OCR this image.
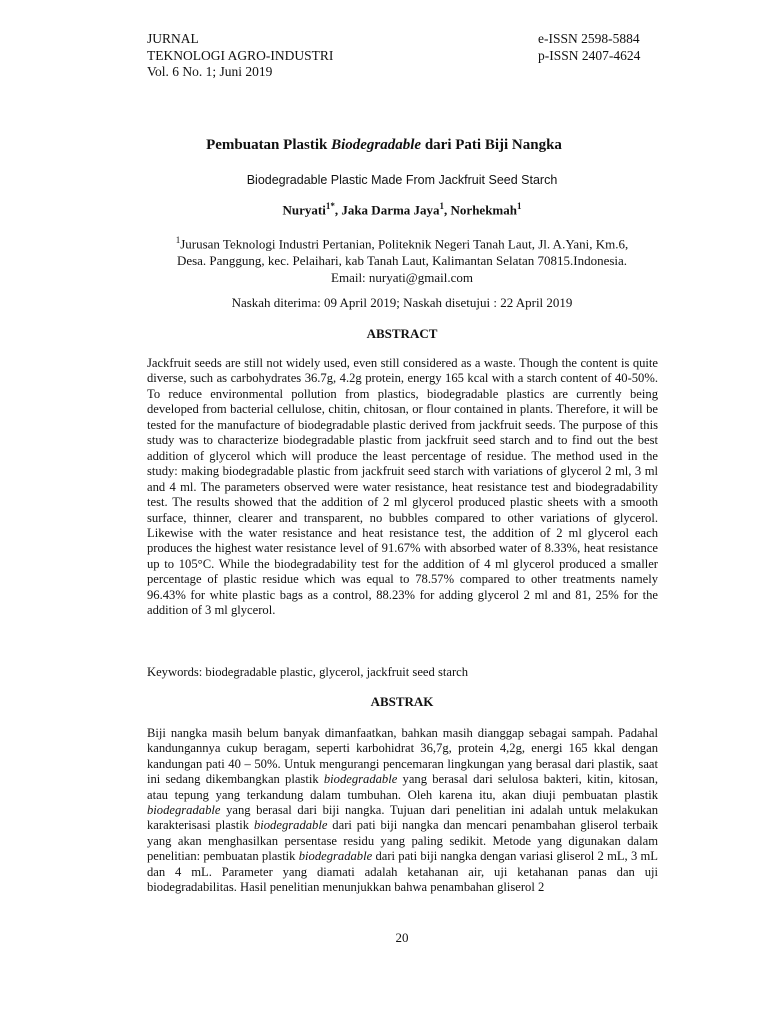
JURNAL
TEKNOLOGI AGRO-INDUSTRI
Vol. 6 No. 1; Juni 2019
e-ISSN 2598-5884
p-ISSN 2407-4624
Pembuatan Plastik Biodegradable dari Pati Biji Nangka
Biodegradable Plastic Made From Jackfruit Seed Starch
Nuryati$^{1*}$, Jaka Darma Jaya$^1$, Norhekmah$^1$
$^1$Jurusan Teknologi Industri Pertanian, Politeknik Negeri Tanah Laut, Jl. A.Yani, Km.6,
Desa. Panggung, kec. Pelaihari, kab Tanah Laut, Kalimantan Selatan 70815.Indonesia.
Email: nuryati@gmail.com
Naskah diterima: 09 April 2019; Naskah disetujui : 22 April 2019
ABSTRACT
Jackfruit seeds are still not widely used, even still considered as a waste. Though the content is quite diverse, such as carbohydrates 36.7g, 4.2g protein, energy 165 kcal with a starch content of 40-50%. To reduce environmental pollution from plastics, biodegradable plastics are currently being developed from bacterial cellulose, chitin, chitosan, or flour contained in plants. Therefore, it will be tested for the manufacture of biodegradable plastic derived from jackfruit seeds. The purpose of this study was to characterize biodegradable plastic from jackfruit seed starch and to find out the best addition of glycerol which will produce the least percentage of residue. The method used in the study: making biodegradable plastic from jackfruit seed starch with variations of glycerol 2 ml, 3 ml and 4 ml. The parameters observed were water resistance, heat resistance test and biodegradability test. The results showed that the addition of 2 ml glycerol produced plastic sheets with a smooth surface, thinner, clearer and transparent, no bubbles compared to other variations of glycerol. Likewise with the water resistance and heat resistance test, the addition of 2 ml glycerol each produces the highest water resistance level of 91.67% with absorbed water of 8.33%, heat resistance up to 105°C. While the biodegradability test for the addition of 4 ml glycerol produced a smaller percentage of plastic residue which was equal to 78.57% compared to other treatments namely 96.43% for white plastic bags as a control, 88.23% for adding glycerol 2 ml and 81, 25% for the addition of 3 ml glycerol.
Keywords: biodegradable plastic, glycerol, jackfruit seed starch
ABSTRAK
Biji nangka masih belum banyak dimanfaatkan, bahkan masih dianggap sebagai sampah. Padahal kandungannya cukup beragam, seperti karbohidrat 36,7g, protein 4,2g, energi 165 kkal dengan kandungan pati 40 – 50%. Untuk mengurangi pencemaran lingkungan yang berasal dari plastik, saat ini sedang dikembangkan plastik biodegradable yang berasal dari selulosa bakteri, kitin, kitosan, atau tepung yang terkandung dalam tumbuhan. Oleh karena itu, akan diuji pembuatan plastik biodegradable yang berasal dari biji nangka. Tujuan dari penelitian ini adalah untuk melakukan karakterisasi plastik biodegradable dari pati biji nangka dan mencari penambahan gliserol terbaik yang akan menghasilkan persentase residu yang paling sedikit. Metode yang digunakan dalam penelitian: pembuatan plastik biodegradable dari pati biji nangka dengan variasi gliserol 2 mL, 3 mL dan 4 mL. Parameter yang diamati adalah ketahanan air, uji ketahanan panas dan uji biodegradabilitas. Hasil penelitian menunjukkan bahwa penambahan gliserol 2
20
